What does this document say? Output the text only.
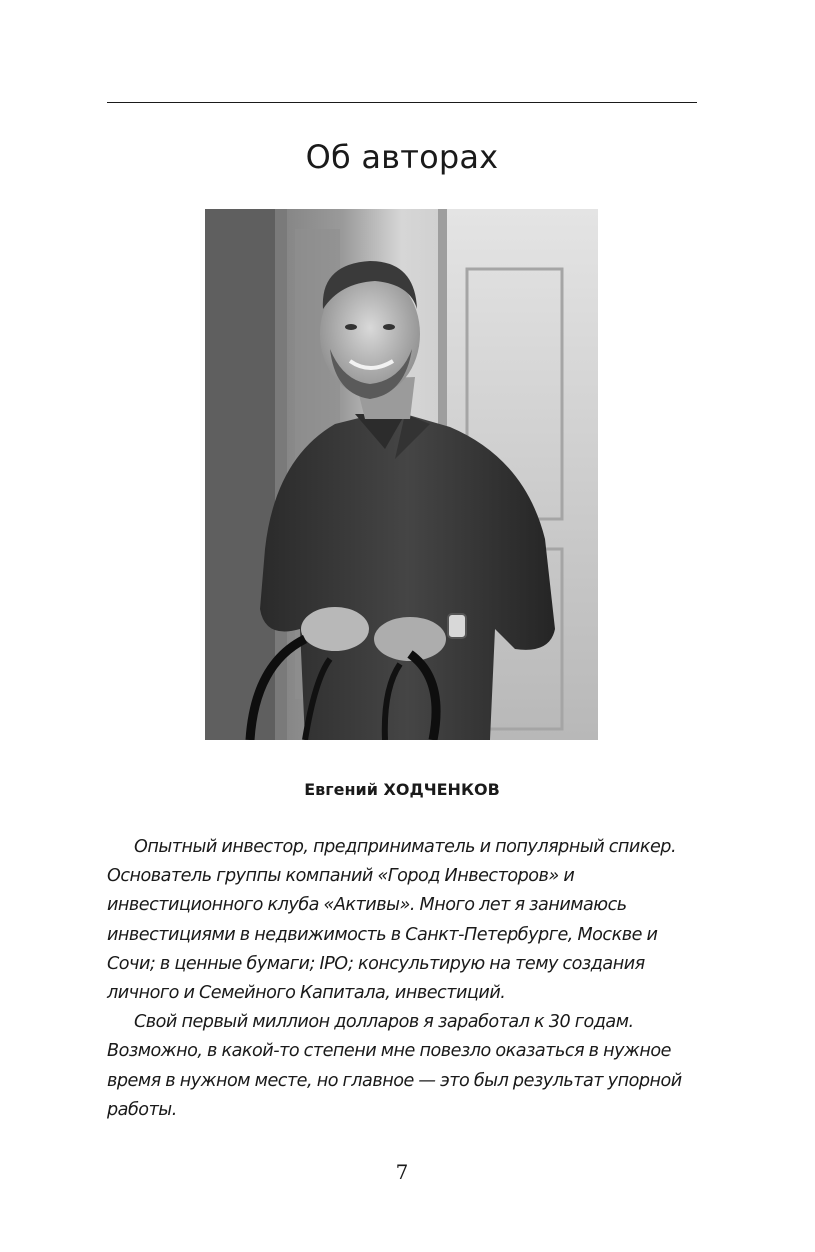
Об авторах

Евгений ХОДЧЕНКОВ

Опытный инвестор, предприниматель и популярный спикер. Основатель группы компаний «Город Инвесторов» и инвестиционного клуба «Активы». Много лет я занимаюсь инвестициями в недвижимость в Санкт-Петербурге, Москве и Сочи; в ценные бумаги; IPO; консультирую на тему создания личного и Семейного Капитала, инвестиций.

Свой первый миллион долларов я заработал к 30 годам. Возможно, в какой-то степени мне повезло оказаться в нужное время в нужном месте, но главное — это был результат упорной работы.

7
